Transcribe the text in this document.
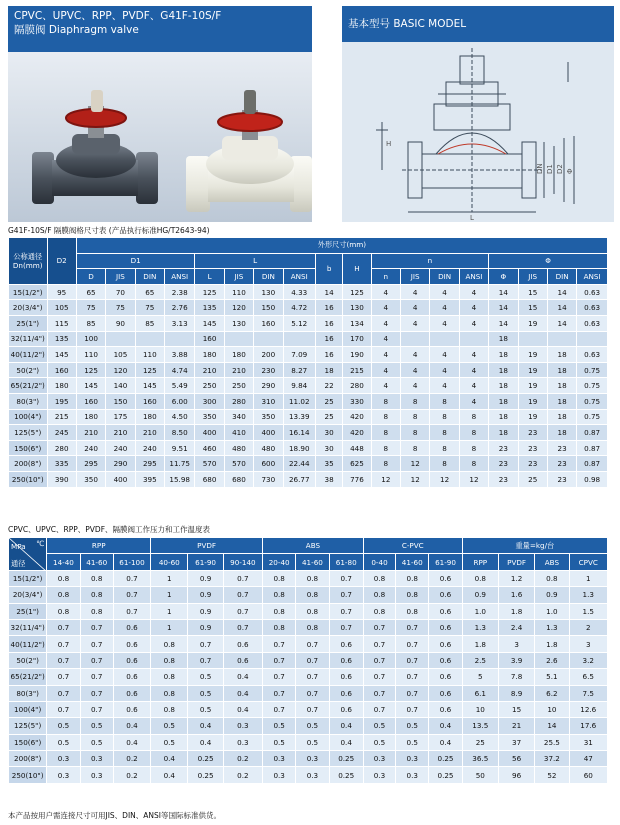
CPVC、UPVC、RPP、PVDF、G41F-10S/F
隔膜阀 Diaphragm valve	基本型号 BASIC MODEL
L
DN D1 D2 Φ
H
G41F-10S/F 隔膜阀格尺寸表 (产品执行标准HG/T2643-94)
公称通径Dn(mm)	D2	外形尺寸(mm)																	
		D1				L				b	H	n				Φ			
		D	JIS	DIN	ANSI	L	JIS	DIN	ANSI			n	JIS	DIN	ANSI	Φ	JIS	DIN	ANSI
15(1/2")	95	65	70	65	2.38	125	110	130	4.33	14	125	4	4	4	4	14	15	14	0.63
20(3/4")	105	75	75	75	2.76	135	120	150	4.72	16	130	4	4	4	4	14	15	14	0.63
25(1")	115	85	90	85	3.13	145	130	160	5.12	16	134	4	4	4	4	14	19	14	0.63
32(11/4")	135	100				160				16	170	4				18			
40(11/2")	145	110	105	110	3.88	180	180	200	7.09	16	190	4	4	4	4	18	19	18	0.63
50(2")	160	125	120	125	4.74	210	210	230	8.27	18	215	4	4	4	4	18	19	18	0.75
65(21/2")	180	145	140	145	5.49	250	250	290	9.84	22	280	4	4	4	4	18	19	18	0.75
80(3")	195	160	150	160	6.00	300	280	310	11.02	25	330	8	8	8	4	18	19	18	0.75
100(4")	215	180	175	180	4.50	350	340	350	13.39	25	420	8	8	8	8	18	19	18	0.75
125(5")	245	210	210	210	8.50	400	410	400	16.14	30	420	8	8	8	8	18	23	18	0.87
150(6")	280	240	240	240	9.51	460	480	480	18.90	30	448	8	8	8	8	23	23	23	0.87
200(8")	335	295	290	295	11.75	570	570	600	22.44	35	625	8	12	8	8	23	23	23	0.87
250(10")	390	350	400	395	15.98	680	680	730	26.77	38	776	12	12	12	12	23	25	23	0.98
CPVC、UPVC、RPP、PVDF、隔膜阀工作压力和工作温度表
MPa ℃
通径	RPP			PVDF			ABS			C-PVC			重量=kg/台			
	14-40	41-60	61-100	40-60	61-90	90-140	20-40	41-60	61-80	0-40	41-60	61-90	RPP	PVDF	ABS	CPVC
15(1/2")	0.8	0.8	0.7	1	0.9	0.7	0.8	0.8	0.7	0.8	0.8	0.6	0.8	1.2	0.8	1
20(3/4")	0.8	0.8	0.7	1	0.9	0.7	0.8	0.8	0.7	0.8	0.8	0.6	0.9	1.6	0.9	1.3
25(1")	0.8	0.8	0.7	1	0.9	0.7	0.8	0.8	0.7	0.8	0.8	0.6	1.0	1.8	1.0	1.5
32(11/4")	0.7	0.7	0.6	1	0.9	0.7	0.8	0.8	0.7	0.7	0.7	0.6	1.3	2.4	1.3	2
40(11/2")	0.7	0.7	0.6	0.8	0.7	0.6	0.7	0.7	0.6	0.7	0.7	0.6	1.8	3	1.8	3
50(2")	0.7	0.7	0.6	0.8	0.7	0.6	0.7	0.7	0.6	0.7	0.7	0.6	2.5	3.9	2.6	3.2
65(21/2")	0.7	0.7	0.6	0.8	0.5	0.4	0.7	0.7	0.6	0.7	0.7	0.6	5	7.8	5.1	6.5
80(3")	0.7	0.7	0.6	0.8	0.5	0.4	0.7	0.7	0.6	0.7	0.7	0.6	6.1	8.9	6.2	7.5
100(4")	0.7	0.7	0.6	0.8	0.5	0.4	0.7	0.7	0.6	0.7	0.7	0.6	10	15	10	12.6
125(5")	0.5	0.5	0.4	0.5	0.4	0.3	0.5	0.5	0.4	0.5	0.5	0.4	13.5	21	14	17.6
150(6")	0.5	0.5	0.4	0.5	0.4	0.3	0.5	0.5	0.4	0.5	0.5	0.4	25	37	25.5	31
200(8")	0.3	0.3	0.2	0.4	0.25	0.2	0.3	0.3	0.25	0.3	0.3	0.25	36.5	56	37.2	47
250(10")	0.3	0.3	0.2	0.4	0.25	0.2	0.3	0.3	0.25	0.3	0.3	0.25	50	96	52	60
本产品按用户需连接尺寸可用JIS、DIN、ANSI等国际标准供货。
